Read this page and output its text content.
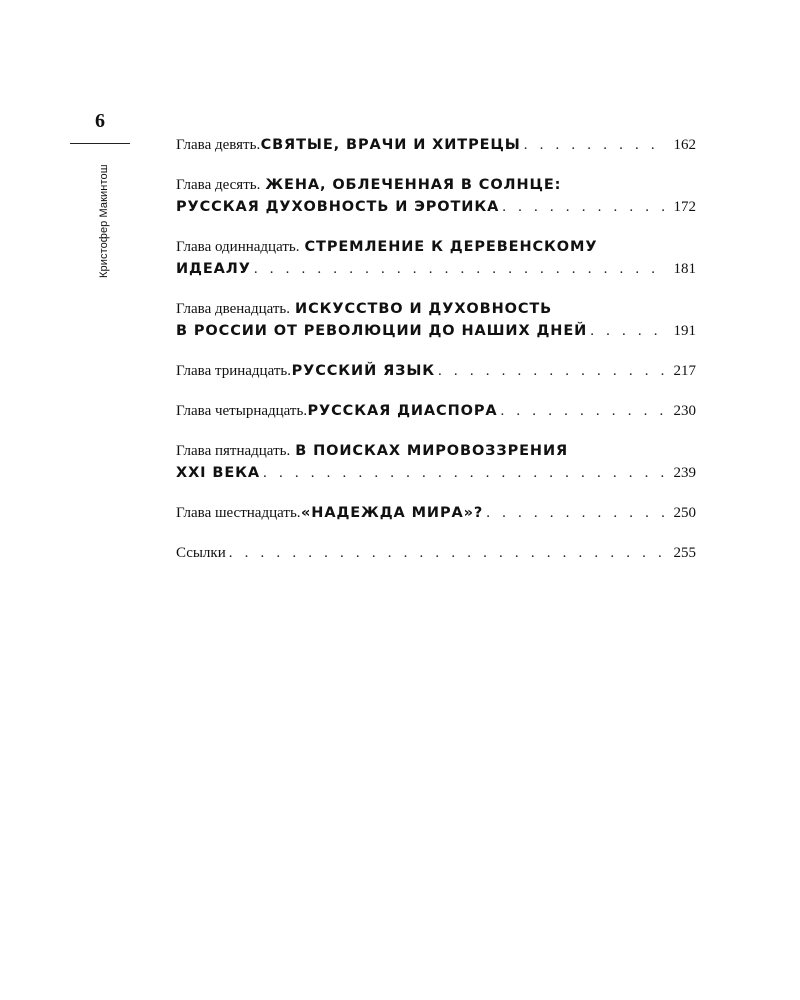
6
Кристофер Макинтош
Глава девять. СВЯТЫЕ, ВРАЧИ И ХИТРЕЦЫ . . .	162
Глава десять. ЖЕНА, ОБЛЕЧЕННАЯ В СОЛНЦЕ:
РУССКАЯ ДУХОВНОСТЬ И ЭРОТИКА . . .	172
Глава одиннадцать. СТРЕМЛЕНИЕ К ДЕРЕВЕНСКОМУ
ИДЕАЛУ . . .	181
Глава двенадцать. ИСКУССТВО И ДУХОВНОСТЬ
В РОССИИ ОТ РЕВОЛЮЦИИ ДО НАШИХ ДНЕЙ . . .	191
Глава тринадцать. РУССКИЙ ЯЗЫК . . .	217
Глава четырнадцать. РУССКАЯ ДИАСПОРА . . .	230
Глава пятнадцать. В ПОИСКАХ МИРОВОЗЗРЕНИЯ
XXI ВЕКА . . .	239
Глава шестнадцать. «НАДЕЖДА МИРА»? . . .	250
Ссылки . . .	255
